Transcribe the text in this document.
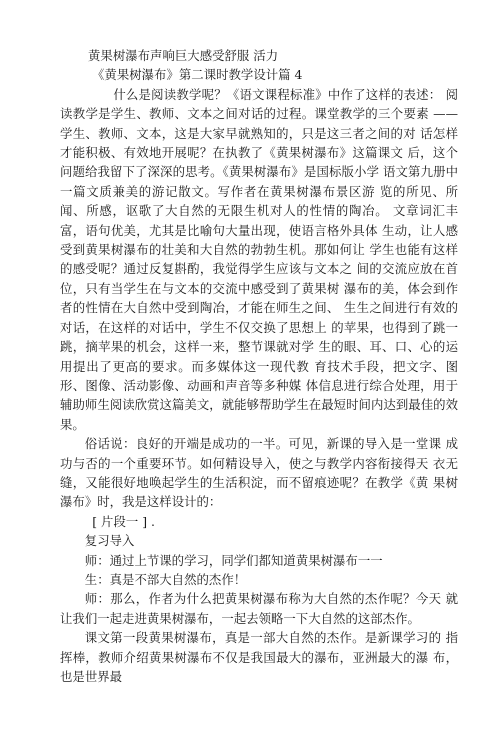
黄果树瀑布声响巨大感受舒服 活力
《黄果树瀑布》第二课时教学设计篇 4

什么是阅读教学呢？《语文课程标准》中作了这样的表述： 阅读教学是学生、教师、文本之间对话的过程。课堂教学的三个要素 ——学生、教师、文本，这是大家早就熟知的，只是这三者之间的对 话怎样才能积极、有效地开展呢？在执教了《黄果树瀑布》这篇课文 后，这个问题给我留下了深深的思考。《黄果树瀑布》是国标版小学 语文第九册中一篇文质兼美的游记散文。写作者在黄果树瀑布景区游 览的所见、所闻、所感，讴歌了大自然的无限生机对人的性情的陶冶。 文章词汇丰富，语句优美，尤其是比喻句大量出现，使语言格外具体 生动，让人感受到黄果树瀑布的壮美和大自然的勃勃生机。那如何让 学生也能有这样的感受呢？通过反复斟酌，我觉得学生应该与文本之 间的交流应放在首位，只有当学生在与文本的交流中感受到了黄果树 瀑布的美，体会到作者的性情在大自然中受到陶冶，才能在师生之间、 生生之间进行有效的对话，在这样的对话中，学生不仅交换了思想上 的苹果，也得到了跳一跳，摘苹果的机会，这样一来，整节课就对学 生的眼、耳、口、心的运用提出了更高的要求。而多媒体这一现代教 育技术手段，把文字、图形、图像、活动影像、动画和声音等多种媒 体信息进行综合处理，用于辅助师生阅读欣赏这篇美文，就能够帮助学生在最短时间内达到最佳的效果。

俗话说：良好的开端是成功的一半。可见，新课的导入是一堂课 成功与否的一个重要环节。如何精设导入，使之与教学内容衔接得天 衣无缝，又能很好地唤起学生的生活积淀，而不留痕迹呢？在教学《黄 果树瀑布》时，我是这样设计的：

[ 片段一 ] .
复习导入
师：通过上节课的学习，同学们都知道黄果树瀑布一一
生：真是不部大自然的杰作！

师：那么，作者为什么把黄果树瀑布称为大自然的杰作呢？今天 就让我们一起走进黄果树瀑布，一起去领略一下大自然的这部杰作。

课文第一段黄果树瀑布，真是一部大自然的杰作。是新课学习的 指挥棒，教师介绍黄果树瀑布不仅是我国最大的瀑布，亚洲最大的瀑 布，也是世界最
